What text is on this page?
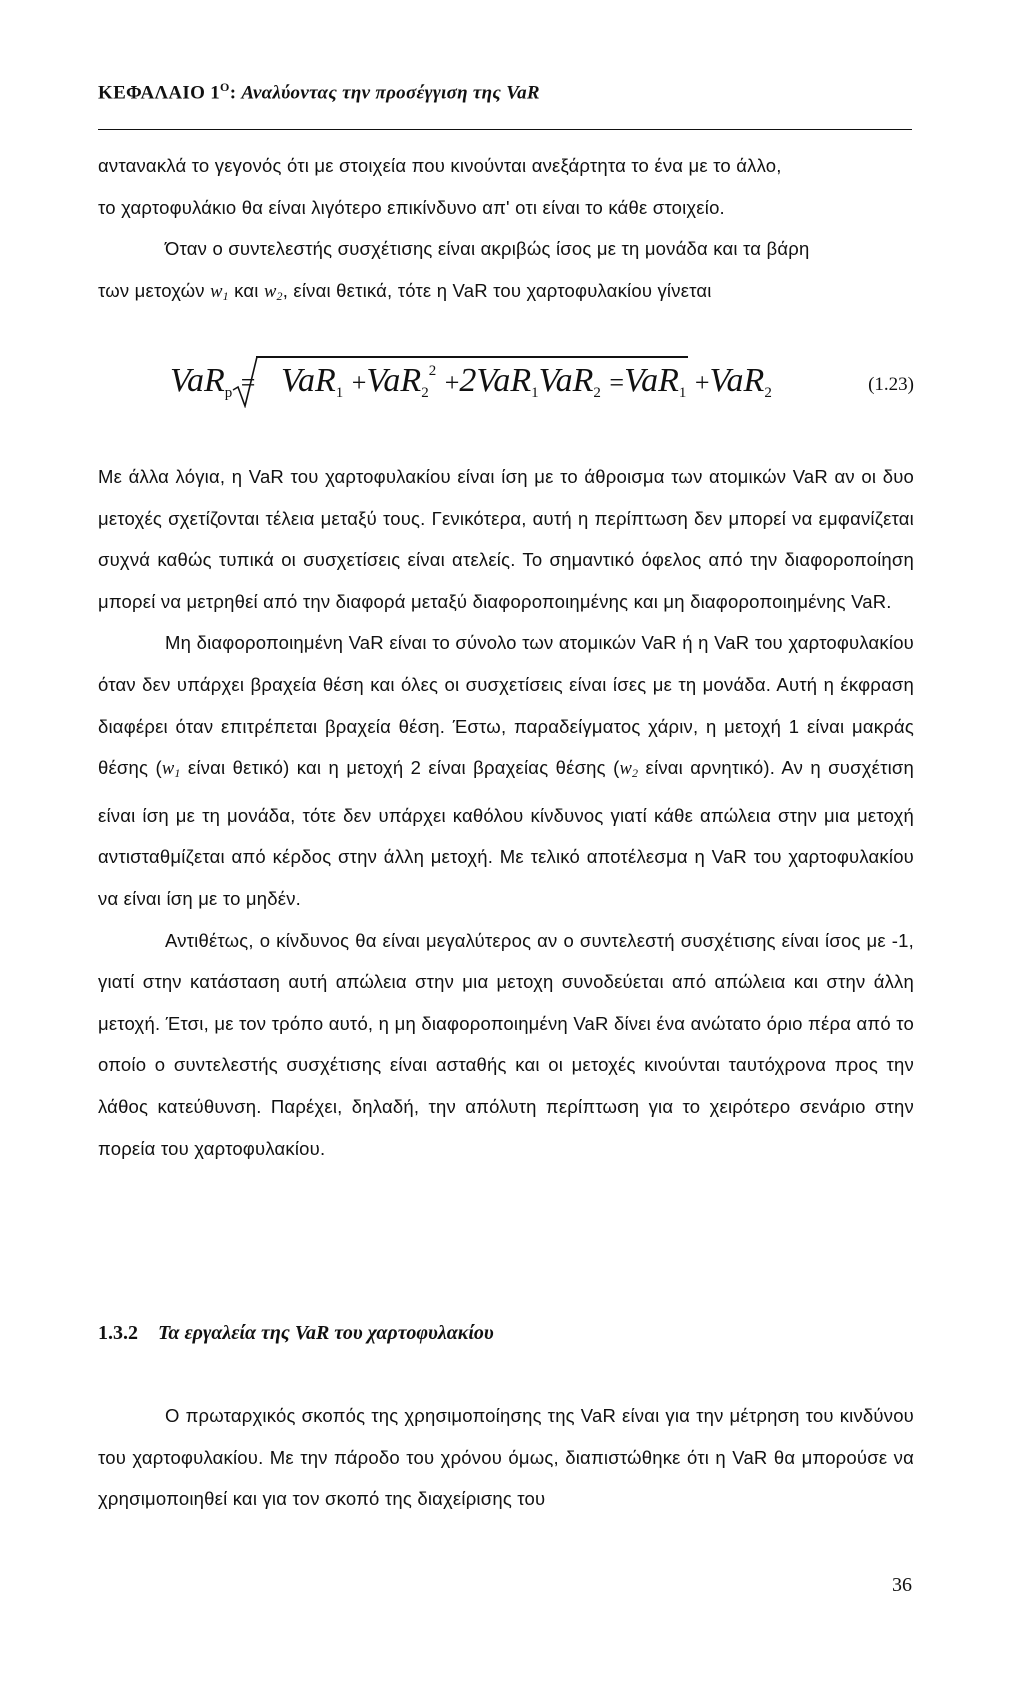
ΚΕΦΑΛΑΙΟ $1^O$: Αναλύοντας την προσέγγιση της VaR

αντανακλά το γεγονός ότι με στοιχεία που κινούνται ανεξάρτητα το ένα με το άλλο,

το χαρτοφυλάκιο θα είναι λιγότερο επικίνδυνο απ' οτι είναι το κάθε στοιχείο.

Όταν ο συντελεστής συσχέτισης είναι ακριβώς ίσος με τη μονάδα και τα βάρη

των μετοχών $w_1$ και $w_2$, είναι θετικά, τότε η VaR του χαρτοφυλακίου γίνεται

VaRp = $VaR1 +VaR2^2 +2VaR1VaR2 =VaR1 +VaR2$	(1.23)

Με άλλα λόγια, η VaR του χαρτοφυλακίου είναι ίση με το άθροισμα των ατομικών VaR αν οι δυο μετοχές σχετίζονται τέλεια μεταξύ τους. Γενικότερα, αυτή η περίπτωση δεν μπορεί να εμφανίζεται συχνά καθώς τυπικά οι συσχετίσεις είναι ατελείς. Το σημαντικό όφελος από την διαφοροποίηση μπορεί να μετρηθεί από την διαφορά μεταξύ διαφοροποιημένης και μη διαφοροποιημένης VaR.

Μη διαφοροποιημένη VaR είναι το σύνολο των ατομικών VaR ή η VaR του χαρτοφυλακίου όταν δεν υπάρχει βραχεία θέση και όλες οι συσχετίσεις είναι ίσες με τη μονάδα. Αυτή η έκφραση διαφέρει όταν επιτρέπεται βραχεία θέση. Έστω, παραδείγματος χάριν, η μετοχή 1 είναι μακράς θέσης ($w_1$ είναι θετικό) και η μετοχή 2 είναι βραχείας θέσης ($w_2$ είναι αρνητικό). Αν η συσχέτιση είναι ίση με τη μονάδα, τότε δεν υπάρχει καθόλου κίνδυνος γιατί κάθε απώλεια στην μια μετοχή αντισταθμίζεται από κέρδος στην άλλη μετοχή. Με τελικό αποτέλεσμα η VaR του χαρτοφυλακίου να είναι ίση με το μηδέν.

Αντιθέτως, ο κίνδυνος θα είναι μεγαλύτερος αν ο συντελεστή συσχέτισης είναι ίσος με -1, γιατί στην κατάσταση αυτή απώλεια στην μια μετοχη συνοδεύεται από απώλεια και στην άλλη μετοχή. Έτσι, με τον τρόπο αυτό, η μη διαφοροποιημένη VaR δίνει ένα ανώτατο όριο πέρα από το οποίο ο συντελεστής συσχέτισης είναι ασταθής και οι μετοχές κινούνται ταυτόχρονα προς την λάθος κατεύθυνση. Παρέχει, δηλαδή, την απόλυτη περίπτωση για το χειρότερο σενάριο στην πορεία του χαρτοφυλακίου.

1.3.2 Τα εργαλεία της VaR του χαρτοφυλακίου

Ο πρωταρχικός σκοπός της χρησιμοποίησης της VaR είναι για την μέτρηση του κινδύνου του χαρτοφυλακίου. Με την πάροδο του χρόνου όμως, διαπιστώθηκε ότι η VaR θα μπορούσε να χρησιμοποιηθεί και για τον σκοπό της διαχείρισης του

36
